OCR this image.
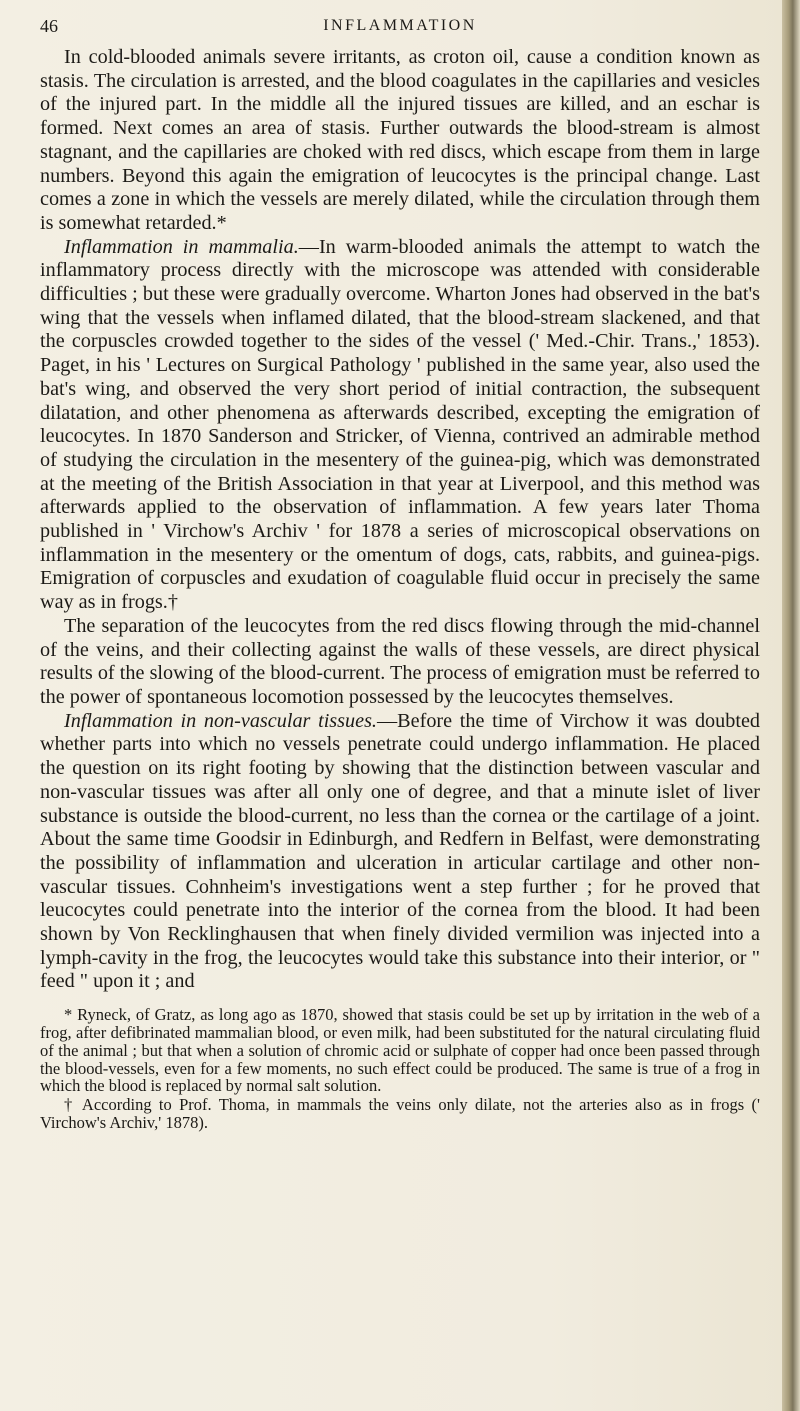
46	INFLAMMATION

In cold-blooded animals severe irritants, as croton oil, cause a condition known as stasis. The circulation is arrested, and the blood coagulates in the capillaries and vesicles of the injured part. In the middle all the injured tissues are killed, and an eschar is formed. Next comes an area of stasis. Further outwards the blood-stream is almost stagnant, and the capillaries are choked with red discs, which escape from them in large numbers. Beyond this again the emigration of leucocytes is the principal change. Last comes a zone in which the vessels are merely dilated, while the circulation through them is somewhat retarded.*

Inflammation in mammalia.—In warm-blooded animals the attempt to watch the inflammatory process directly with the microscope was attended with considerable difficulties ; but these were gradually overcome. Wharton Jones had observed in the bat's wing that the vessels when inflamed dilated, that the blood-stream slackened, and that the corpuscles crowded together to the sides of the vessel (' Med.-Chir. Trans.,' 1853). Paget, in his ' Lectures on Surgical Pathology ' published in the same year, also used the bat's wing, and observed the very short period of initial contraction, the subsequent dilatation, and other phenomena as afterwards described, excepting the emigration of leucocytes. In 1870 Sanderson and Stricker, of Vienna, contrived an admirable method of studying the circulation in the mesentery of the guinea-pig, which was demonstrated at the meeting of the British Association in that year at Liverpool, and this method was afterwards applied to the observation of inflammation. A few years later Thoma published in ' Virchow's Archiv ' for 1878 a series of microscopical observations on inflammation in the mesentery or the omentum of dogs, cats, rabbits, and guinea-pigs. Emigration of corpuscles and exudation of coagulable fluid occur in precisely the same way as in frogs.†

The separation of the leucocytes from the red discs flowing through the mid-channel of the veins, and their collecting against the walls of these vessels, are direct physical results of the slowing of the blood-current. The process of emigration must be referred to the power of spontaneous locomotion possessed by the leucocytes themselves.

Inflammation in non-vascular tissues.—Before the time of Virchow it was doubted whether parts into which no vessels penetrate could undergo inflammation. He placed the question on its right footing by showing that the distinction between vascular and non-vascular tissues was after all only one of degree, and that a minute islet of liver substance is outside the blood-current, no less than the cornea or the cartilage of a joint. About the same time Goodsir in Edinburgh, and Redfern in Belfast, were demonstrating the possibility of inflammation and ulceration in articular cartilage and other non-vascular tissues. Cohnheim's investigations went a step further ; for he proved that leucocytes could penetrate into the interior of the cornea from the blood. It had been shown by Von Recklinghausen that when finely divided vermilion was injected into a lymph-cavity in the frog, the leucocytes would take this substance into their interior, or " feed " upon it ; and

* Ryneck, of Gratz, as long ago as 1870, showed that stasis could be set up by irritation in the web of a frog, after defibrinated mammalian blood, or even milk, had been substituted for the natural circulating fluid of the animal ; but that when a solution of chromic acid or sulphate of copper had once been passed through the blood-vessels, even for a few moments, no such effect could be produced. The same is true of a frog in which the blood is replaced by normal salt solution.

† According to Prof. Thoma, in mammals the veins only dilate, not the arteries also as in frogs (' Virchow's Archiv,' 1878).
